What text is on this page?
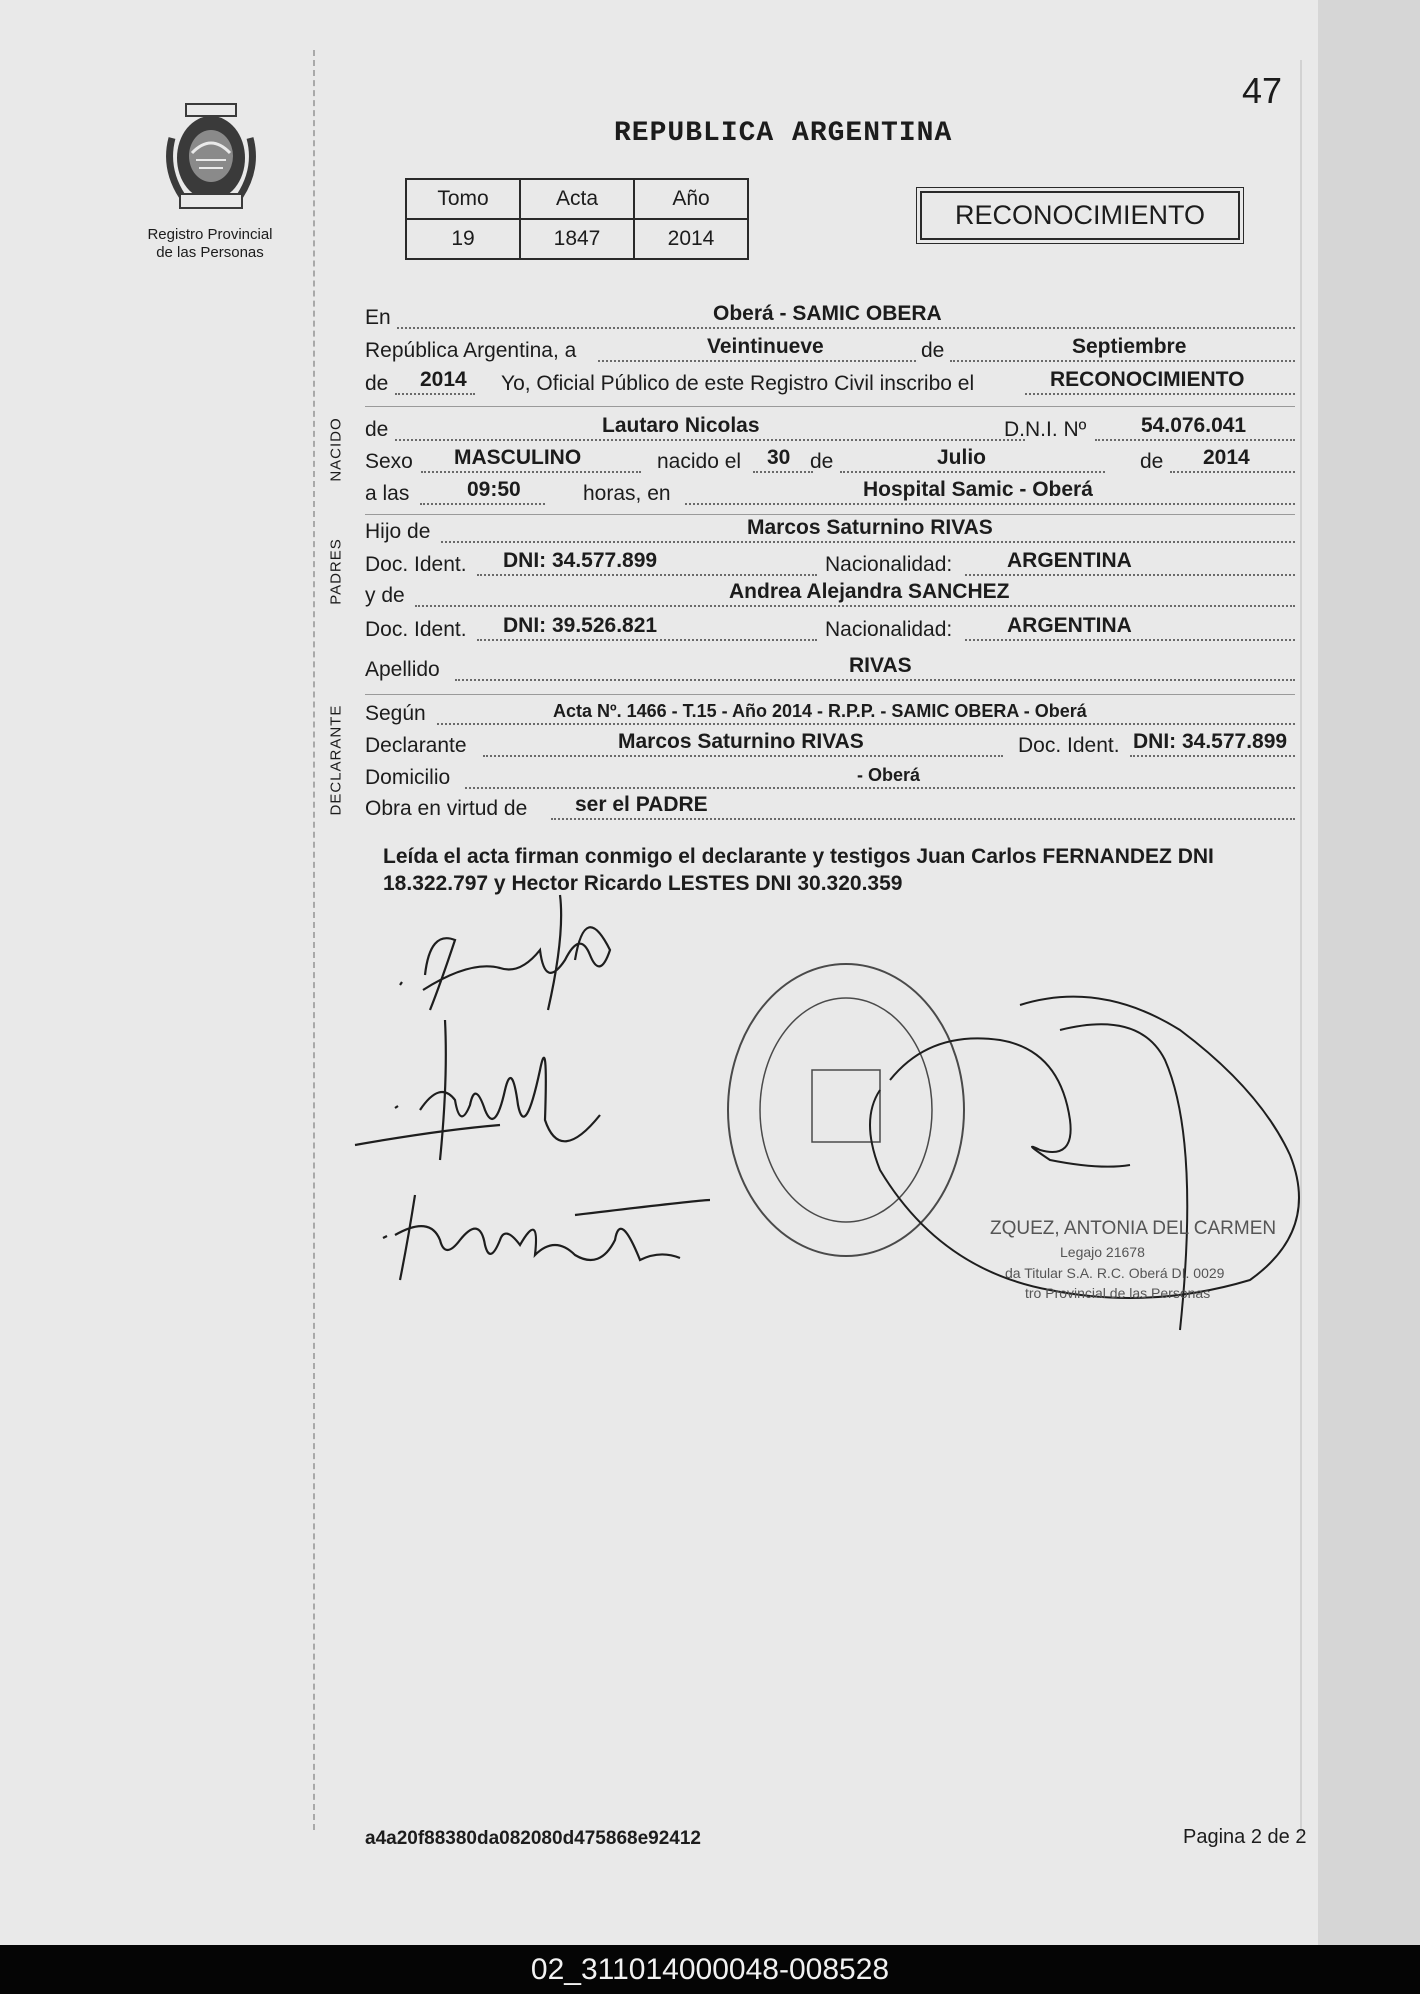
47
Registro Provincial
de las Personas
REPUBLICA ARGENTINA
Tomo	Acta	Año
19	1847	2014
RECONOCIMIENTO
En	Oberá - SAMIC OBERA
República Argentina, a	Veintinueve	de	Septiembre
de 2014 Yo, Oficial Público de este Registro Civil inscribo el	RECONOCIMIENTO
NACIDO de	Lautaro Nicolas	D.N.I. Nº	54.076.041
Sexo MASCULINO	nacido el 30 de	Julio	de 2014
a las	09:50	horas, en	Hospital Samic - Oberá
PADRES
Hijo de	Marcos Saturnino RIVAS
Doc. Ident. DNI: 34.577.899	Nacionalidad:	ARGENTINA
y de	Andrea Alejandra SANCHEZ
Doc. Ident. DNI: 39.526.821	Nacionalidad:	ARGENTINA
Apellido	RIVAS
DECLARANTE Según	Acta Nº. 1466 - T.15 - Año 2014 - R.P.P. - SAMIC OBERA - Oberá
Declarante	Marcos Saturnino RIVAS	Doc. Ident. DNI: 34.577.899
Domicilio	- Oberá
Obra en virtud de ser el PADRE
Leída el acta firman conmigo el declarante y testigos Juan Carlos FERNANDEZ DNI 18.322.797 y Hector Ricardo LESTES DNI 30.320.359
ZQUEZ, ANTONIA DEL CARMEN
Legajo 21678
da Titular S.A. R.C. Oberá DI. 0029
tro Provincial de las Personas
a4a20f88380da082080d475868e92412	Pagina 2 de 2
02_311014000048-008528
